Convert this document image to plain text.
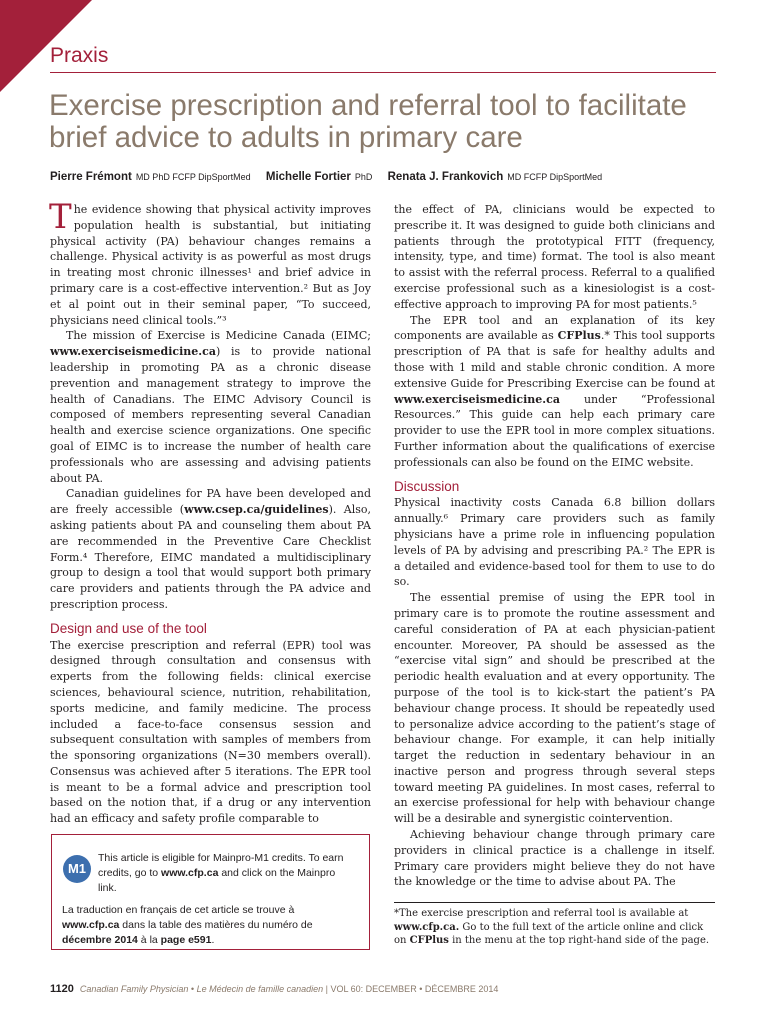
Praxis
Exercise prescription and referral tool to facilitate brief advice to adults in primary care
Pierre Frémont MD PhD FCFP DipSportMed Michelle Fortier PhD Renata J. Frankovich MD FCFP DipSportMed

The evidence showing that physical activity improves population health is substantial, but initiating physical activity (PA) behaviour changes remains a challenge. Physical activity is as powerful as most drugs in treating most chronic illnesses¹ and brief advice in primary care is a cost-effective intervention.² But as Joy et al point out in their seminal paper, “To succeed, physicians need clinical tools.”³

The mission of Exercise is Medicine Canada (EIMC; www.exerciseismedicine.ca) is to provide national leadership in promoting PA as a chronic disease prevention and management strategy to improve the health of Canadians. The EIMC Advisory Council is composed of members representing several Canadian health and exercise science organizations. One specific goal of EIMC is to increase the number of health care professionals who are assessing and advising patients about PA.

Canadian guidelines for PA have been developed and are freely accessible (www.csep.ca/guidelines). Also, asking patients about PA and counseling them about PA are recommended in the Preventive Care Checklist Form.⁴ Therefore, EIMC mandated a multidisciplinary group to design a tool that would support both primary care providers and patients through the PA advice and prescription process.

Design and use of the tool

The exercise prescription and referral (EPR) tool was designed through consultation and consensus with experts from the following fields: clinical exercise sciences, behavioural science, nutrition, rehabilitation, sports medicine, and family medicine. The process included a face-to-face consensus session and subsequent consultation with samples of members from the sponsoring organizations (N=30 members overall). Consensus was achieved after 5 iterations. The EPR tool is meant to be a formal advice and prescription tool based on the notion that, if a drug or any intervention had an efficacy and safety profile comparable to

the effect of PA, clinicians would be expected to prescribe it. It was designed to guide both clinicians and patients through the prototypical FITT (frequency, intensity, type, and time) format. The tool is also meant to assist with the referral process. Referral to a qualified exercise professional such as a kinesiologist is a cost-effective approach to improving PA for most patients.⁵

The EPR tool and an explanation of its key components are available as CFPlus.* This tool supports prescription of PA that is safe for healthy adults and those with 1 mild and stable chronic condition. A more extensive Guide for Prescribing Exercise can be found at www.exerciseismedicine.ca under “Professional Resources.” This guide can help each primary care provider to use the EPR tool in more complex situations. Further information about the qualifications of exercise professionals can also be found on the EIMC website.

Discussion

Physical inactivity costs Canada 6.8 billion dollars annually.⁶ Primary care providers such as family physicians have a prime role in influencing population levels of PA by advising and prescribing PA.² The EPR is a detailed and evidence-based tool for them to use to do so.

The essential premise of using the EPR tool in primary care is to promote the routine assessment and careful consideration of PA at each physician-patient encounter. Moreover, PA should be assessed as the “exercise vital sign” and should be prescribed at the periodic health evaluation and at every opportunity. The purpose of the tool is to kick-start the patient’s PA behaviour change process. It should be repeatedly used to personalize advice according to the patient’s stage of behaviour change. For example, it can help initially target the reduction in sedentary behaviour in an inactive person and progress through several steps toward meeting PA guidelines. In most cases, referral to an exercise professional for help with behaviour change will be a desirable and synergistic cointervention.

Achieving behaviour change through primary care providers in clinical practice is a challenge in itself. Primary care providers might believe they do not have the knowledge or the time to advise about PA. The

M1
This article is eligible for Mainpro-M1 credits. To earn credits, go to www.cfp.ca and click on the Mainpro link.
La traduction en français de cet article se trouve à www.cfp.ca dans la table des matières du numéro de décembre 2014 à la page e591.
*The exercise prescription and referral tool is available at www.cfp.ca. Go to the full text of the article online and click on CFPlus in the menu at the top right-hand side of the page.
1120 Canadian Family Physician • Le Médecin de famille canadien | VOL 60: DECEMBER • DÉCEMBRE 2014
